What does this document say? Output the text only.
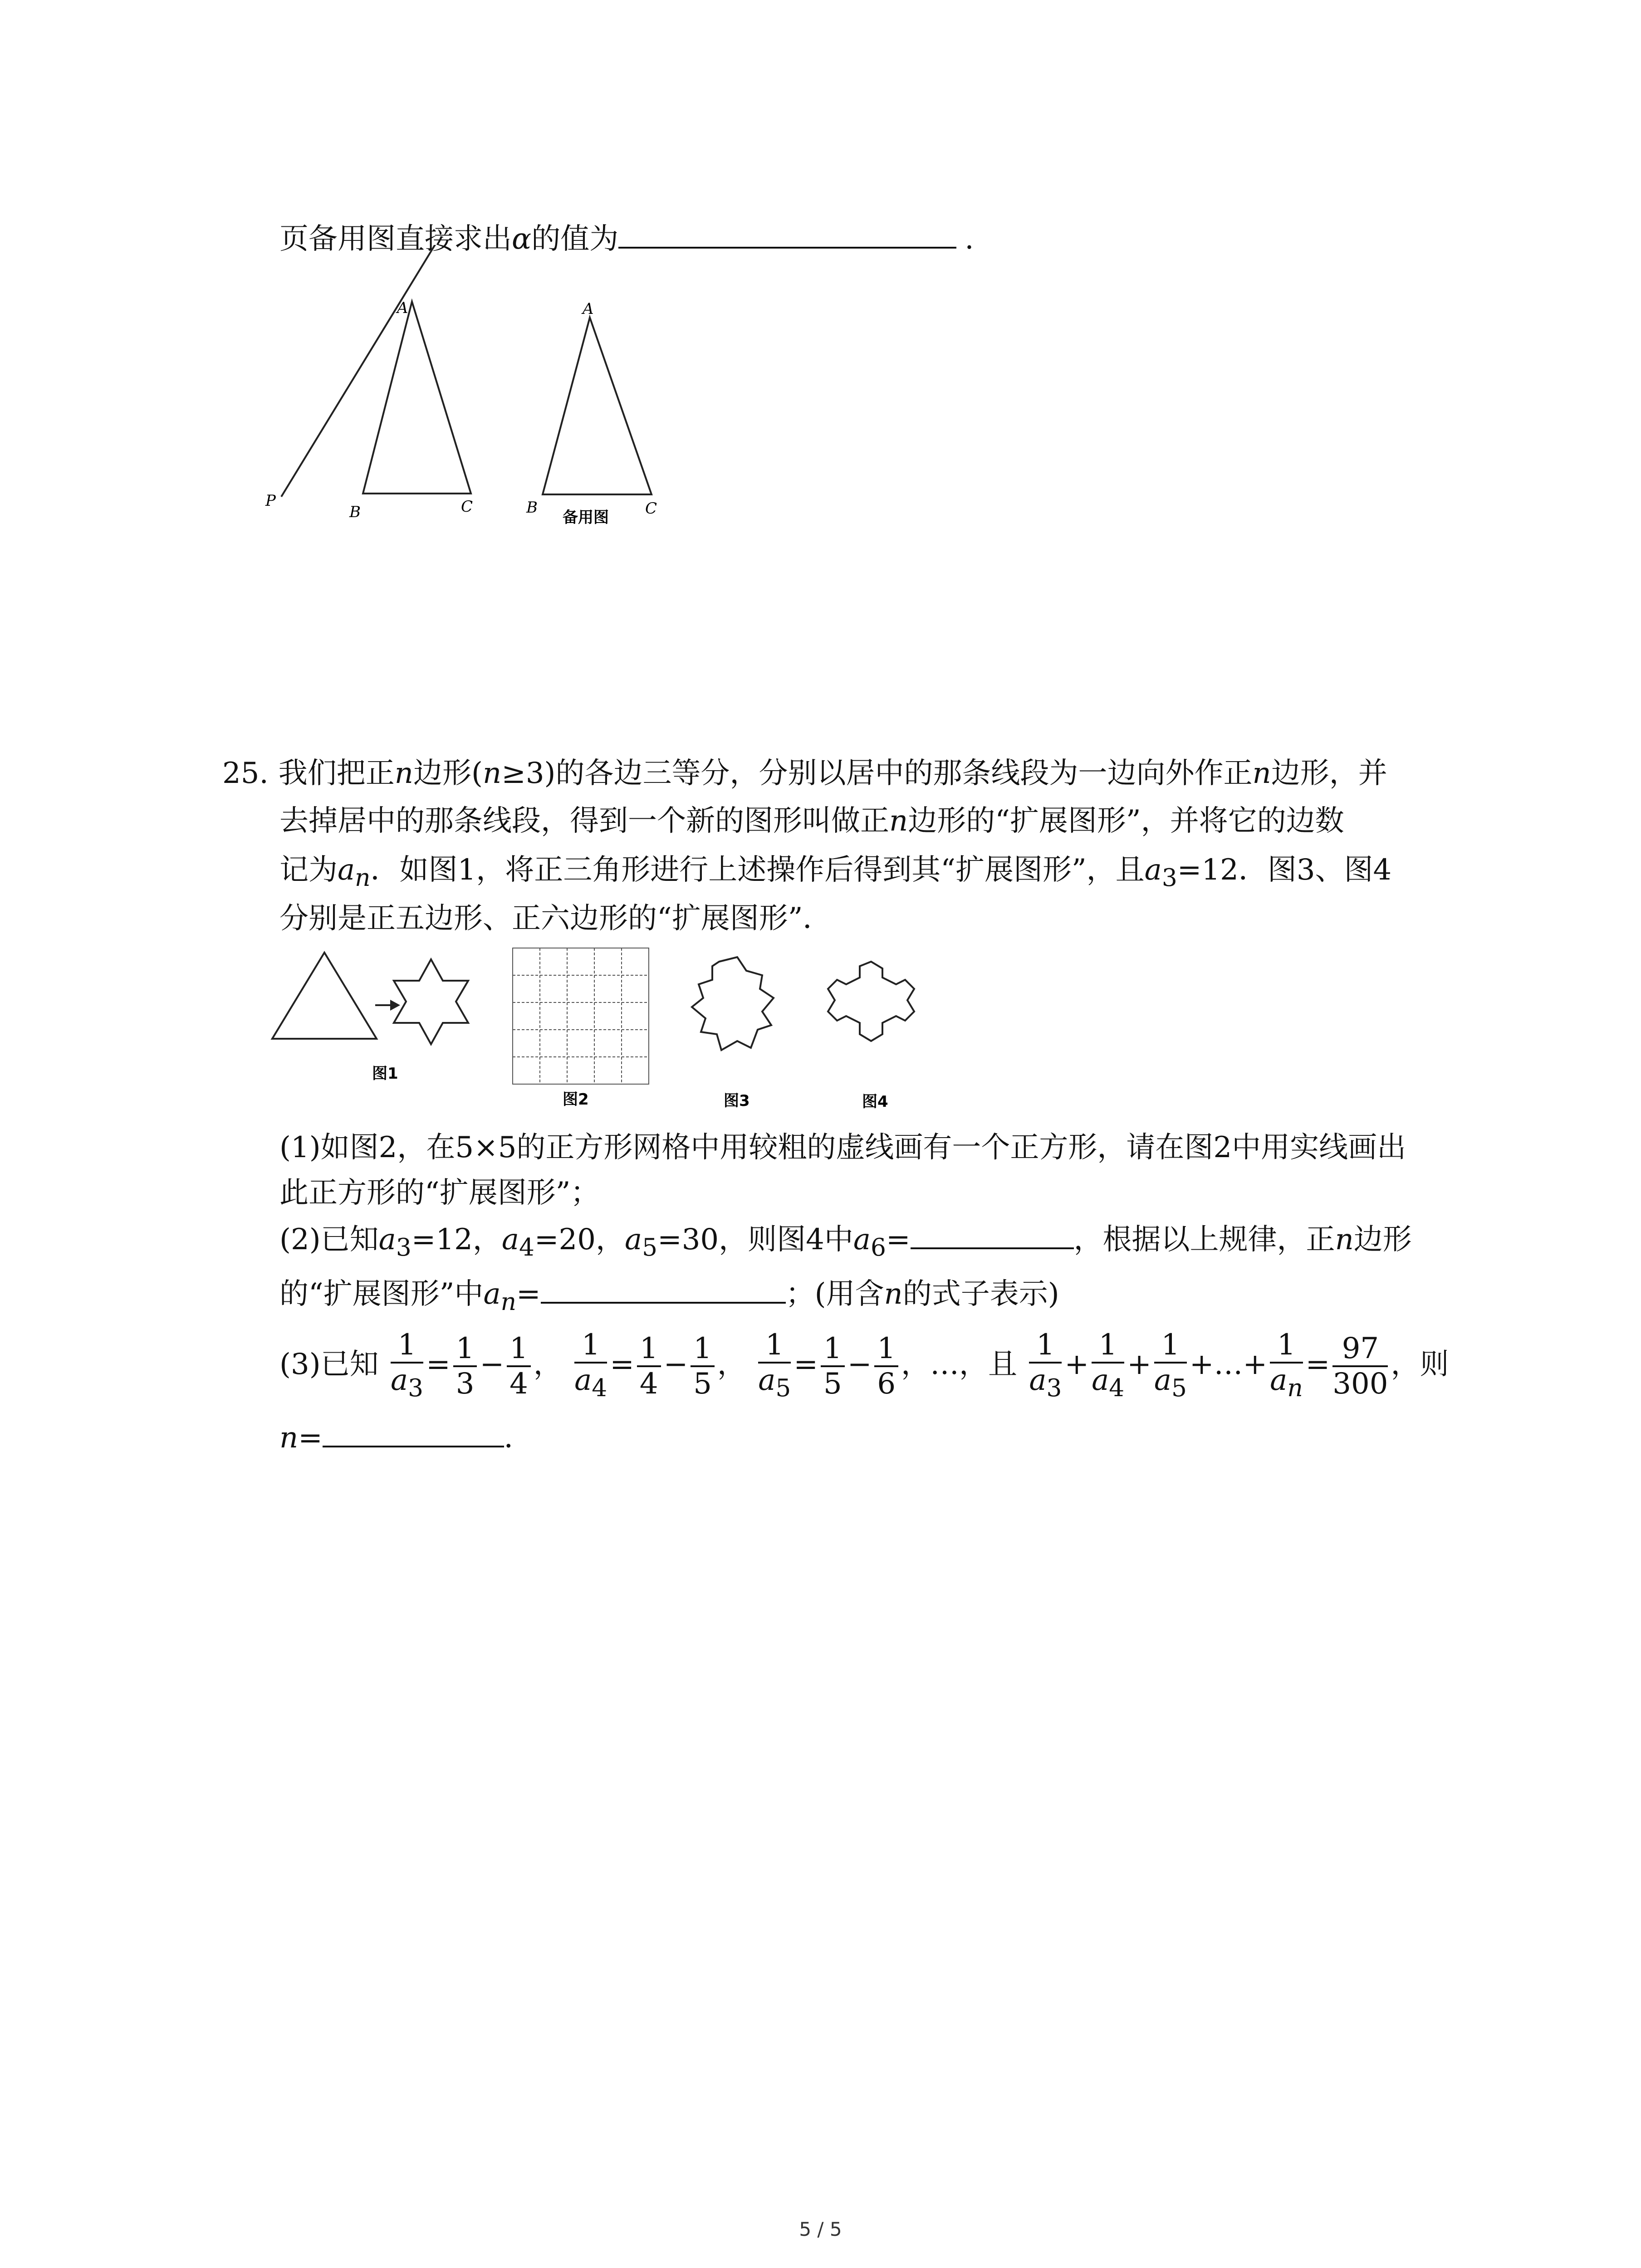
页备用图直接求出α的值为	.
A
P
B	C
A
B	C
备用图
25. 我们把正n边形(n≥3)的各边三等分，分别以居中的那条线段为一边向外作正n边形，并
去掉居中的那条线段，得到一个新的图形叫做正n边形的“扩展图形”，并将它的边数
记为$a_n$．如图1，将正三角形进行上述操作后得到其“扩展图形”，且$a_3=12$．图3、图4
分别是正五边形、正六边形的“扩展图形”．
图1
图2	图3	图4
(1)如图2，在5×5的正方形网格中用较粗的虚线画有一个正方形，请在图2中用实线画出
此正方形的“扩展图形”；
(2)已知$a_3=12$，$a_4=20$，$a_5=30$，则图4中$a_6=$	，根据以上规律，正n边形
的“扩展图形”中$a_n=$	；(用含n的式子表示)
(3)已知 $\frac{1}{a_3} = \frac{1}{3} - \frac{1}{4}$ ， $\frac{1}{a_4} = \frac{1}{4} - \frac{1}{5}$ ， $\frac{1}{a_5} = \frac{1}{5} - \frac{1}{6}$ ，…，且 $\frac{1}{a_3} + \frac{1}{a_4} + \frac{1}{a_5}$ +…+ $\frac{1}{a_n} = \frac{97}{300}$ ，则
n=	．
5 / 5
